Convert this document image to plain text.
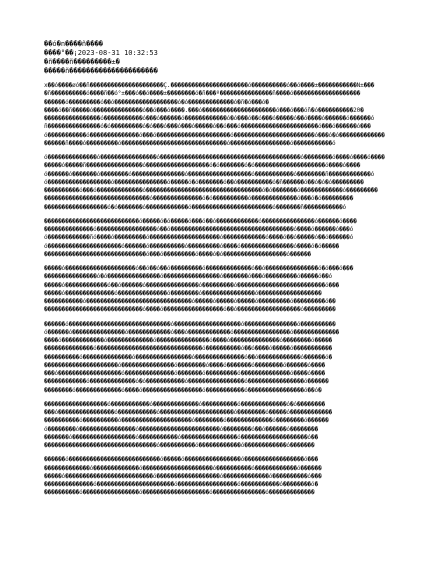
��ó�n����ñ����
����°��¡2023-08-31 10:32:53
�ñ����ñ���������±�
�����ñ���������������������
x��ó����øó��ñ���������������������Ç.����������������������ó����������ó��ó����±�����������N±���
�ñ����������ó����ñ��ó°±���ó��ó����±��������ó�ñ���º���������������ñ����ó�������������������
������ó���������ó��ó������������������ó�ó�������������ó�ñ�ó���ó�
����ó��ñ�����ó��������������ó��ó���ó����.���ó���������������������ó���ó���óñ�ó����������20�
����������������ó�����������ó���ó������ó������������ó�ó���ó��ó���ó�����ó��ó����ó������ó������ó
ñ���������������ó�ó���������ó�ó���ó���ó���ó�����ó��ó���ó����������������������ó���ó������ó���
ó�����������ó��������������ó���ó���������������������ó�����������������������ó���ó�ó�������������
������ñ����ó���������ó������������������������������ó�����������������ó�����������ó
ó��������������ó����������������ó����������������������������������������ó��������ó����ó����ó����
�����ó�����ñ����������������ó������������������ó�ó�������ó�ó��������������������ó����ó����
ó������ó�������ó��������ó���������������ó������������������ó�����������ó��������ñ������������ó
ó������������������ó���������������ó�����ó�ó�������ó��ó����������ó�ñ������ó��ó�ó�ó���������
����������ó���ó�������������ó���������������������������������ó�ó�������ó������������ó���������
������������������������������ó��������������ó�ó����������ó�������������ó���ó�ó���������
������������������ó�ó�������ó������������ó�����������������������ó�������ñ�����������ó
���������������������������ó�����ó�ó�����ó���ó��ó������������ó���������������ó������ó����
��������������ó�����������������ó��ó�����������������������������������ó����ó������ó���ó
ó������������ñó����ó���������ó��������������������ó������������ó����ó��ó�����ó��ó������ó
ó���������������������ó������ó����������ó���������ó����ó���������������ó����ó�ó�����
�����������������������������ó���ó���������ó����ó�ó������������������ó������
�����ó��������������������ó��ó��ó��ó���������ó�������������ó��ó���������������ó�ó���ó���
���������������ó�ó���������������ó����������������ó�������ó���ó���������ó�����ó��ó
�����ó������������ó��ó������ó���������������ó���������ó�������������������������ó���
�����ó��������������ó��������������ó��������ó���������������ó������������������
�����������ó������������������������������ó�����ó�����ó�����ó���������ó���������ó��
����������������������������ó����ó�����������������ó��ó������������������ó���������
������ó�����������������������������ó�������������������ó���������������ó����������
ó������ó���������������ó������������ó���ó������������ó����������������ó�������������
����ó������������ó�������������ó���������������ó����ó��������������ó��������ó�����
��������������ó������������������������������ó����������ó��ó����ó�����ó�����������
����������ó��������������ó����������������ó��������������ó��ó������������ó������ó�
���������������������ó���������������ó��������ó����ó�������ó��������ó������ó����
���ó������������������ó��������������ó�������ó���������ó��������������ó����ó����
������������ó�������������ó�ó�����������ó����������������ó����������������ó������
��������ó�������������ó����ó�����������������ó�����������ó����������������ó��ó�
������������������ó�����������ó�������������ó����������ó�������������ó�ó��������
���ó����������������ó�����������ó���������������������ó��������ó�����ó������������
����������ó����������ó��������������������ó��������ó�������������ó��������ó������
ó��������ó����������������ó�����������������������ó��������ó��ó������ó��������
�������ó������������������ó�����������ó����������������ó�������������������ó��
��������������������������������ó����������ó������������ó������������ó�������
������ó��������������������������ó�����ó����������������ó�����������������ó���
�������������ó�������������ó��������������������ó����������ó������������ó������
�����ó�������������������������ó������������������ó�������������ó����������ó���
��������������ó����������������������ó�����������������ó�����������ó��������ó�
����������ó����������������ó�������������������ó���������������ó�������������
